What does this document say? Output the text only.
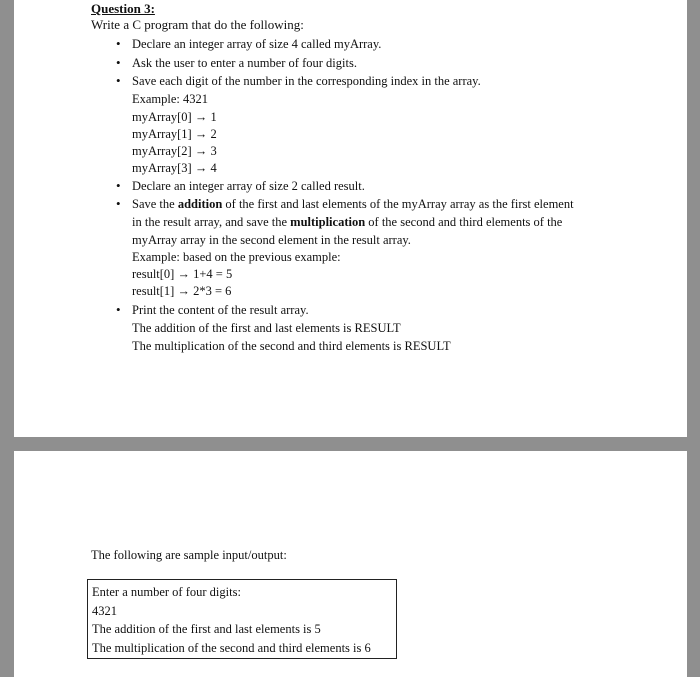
Question 3:
Write a C program that do the following:
• Declare an integer array of size 4 called myArray.
• Ask the user to enter a number of four digits.
• Save each digit of the number in the corresponding index in the array.
Example: 4321
myArray[0] → 1
myArray[1] → 2
myArray[2] → 3
myArray[3] → 4
• Declare an integer array of size 2 called result.
• Save the addition of the first and last elements of the myArray array as the first element
in the result array, and save the multiplication of the second and third elements of the
myArray array in the second element in the result array.
Example: based on the previous example:
result[0] → 1+4 = 5
result[1] → 2*3 = 6
• Print the content of the result array.
The addition of the first and last elements is RESULT
The multiplication of the second and third elements is RESULT
The following are sample input/output:
Enter a number of four digits:
4321
The addition of the first and last elements is 5
The multiplication of the second and third elements is 6
